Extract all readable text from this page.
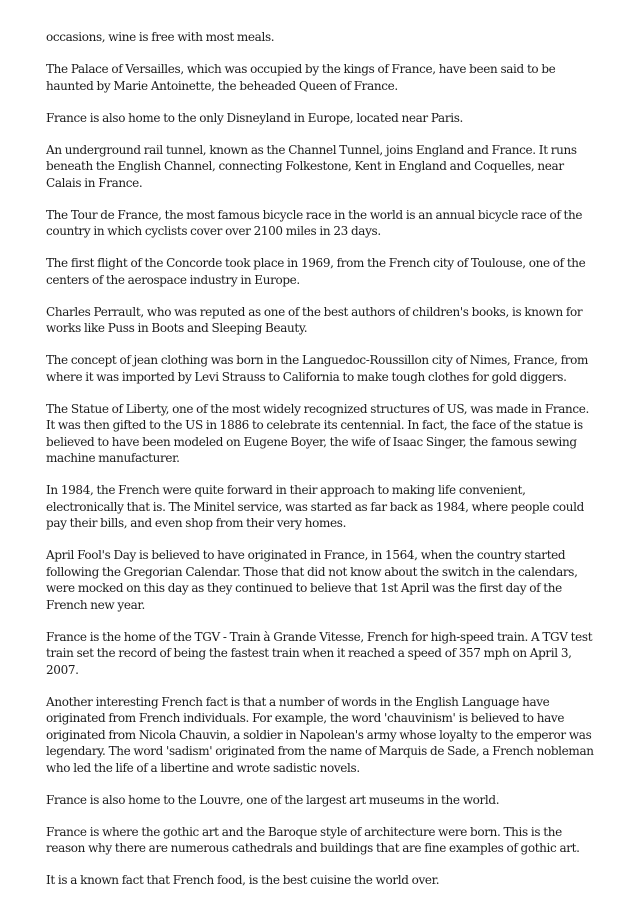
occasions, wine is free with most meals.

The Palace of Versailles, which was occupied by the kings of France, have been said to be haunted by Marie Antoinette, the beheaded Queen of France.

France is also home to the only Disneyland in Europe, located near Paris.

An underground rail tunnel, known as the Channel Tunnel, joins England and France. It runs beneath the English Channel, connecting Folkestone, Kent in England and Coquelles, near Calais in France.

The Tour de France, the most famous bicycle race in the world is an annual bicycle race of the country in which cyclists cover over 2100 miles in 23 days.

The first flight of the Concorde took place in 1969, from the French city of Toulouse, one of the centers of the aerospace industry in Europe.

Charles Perrault, who was reputed as one of the best authors of children's books, is known for works like Puss in Boots and Sleeping Beauty.

The concept of jean clothing was born in the Languedoc-Roussillon city of Nimes, France, from where it was imported by Levi Strauss to California to make tough clothes for gold diggers.

The Statue of Liberty, one of the most widely recognized structures of US, was made in France. It was then gifted to the US in 1886 to celebrate its centennial. In fact, the face of the statue is believed to have been modeled on Eugene Boyer, the wife of Isaac Singer, the famous sewing machine manufacturer.

In 1984, the French were quite forward in their approach to making life convenient, electronically that is. The Minitel service, was started as far back as 1984, where people could pay their bills, and even shop from their very homes.

April Fool's Day is believed to have originated in France, in 1564, when the country started following the Gregorian Calendar. Those that did not know about the switch in the calendars, were mocked on this day as they continued to believe that 1st April was the first day of the French new year.

France is the home of the TGV - Train à Grande Vitesse, French for high-speed train. A TGV test train set the record of being the fastest train when it reached a speed of 357 mph on April 3, 2007.

Another interesting French fact is that a number of words in the English Language have originated from French individuals. For example, the word 'chauvinism' is believed to have originated from Nicola Chauvin, a soldier in Napolean's army whose loyalty to the emperor was legendary. The word 'sadism' originated from the name of Marquis de Sade, a French nobleman who led the life of a libertine and wrote sadistic novels.

France is also home to the Louvre, one of the largest art museums in the world.

France is where the gothic art and the Baroque style of architecture were born. This is the reason why there are numerous cathedrals and buildings that are fine examples of gothic art.

It is a known fact that French food, is the best cuisine the world over.
